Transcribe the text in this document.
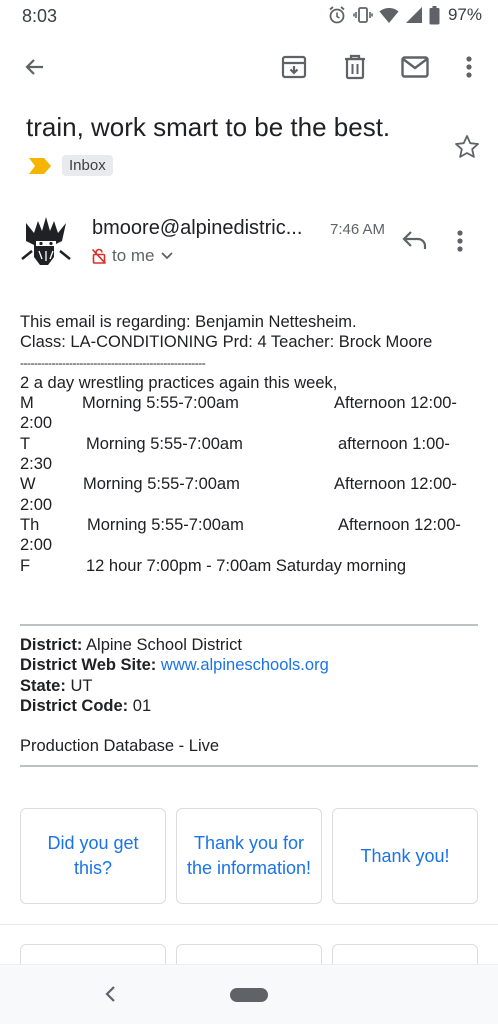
8:03	97%
train, work smart to be the best.
Inbox
bmoore@alpinedistric... 7:46 AM
to me
This email is regarding: Benjamin Nettesheim.
Class: LA-CONDITIONING Prd: 4 Teacher: Brock Moore
-----------------------------------------------------
2 a day wrestling practices again this week,
M	Morning 5:55-7:00am	Afternoon 12:00-
2:00
T	Morning 5:55-7:00am	afternoon 1:00-
2:30
W	Morning 5:55-7:00am	Afternoon 12:00-
2:00
Th	Morning 5:55-7:00am	Afternoon 12:00-
2:00
F	12 hour 7:00pm - 7:00am Saturday morning
District: Alpine School District
District Web Site: www.alpineschools.org
State: UT
District Code: 01
Production Database - Live
Did you get this?
Thank you for the information!
Thank you!
